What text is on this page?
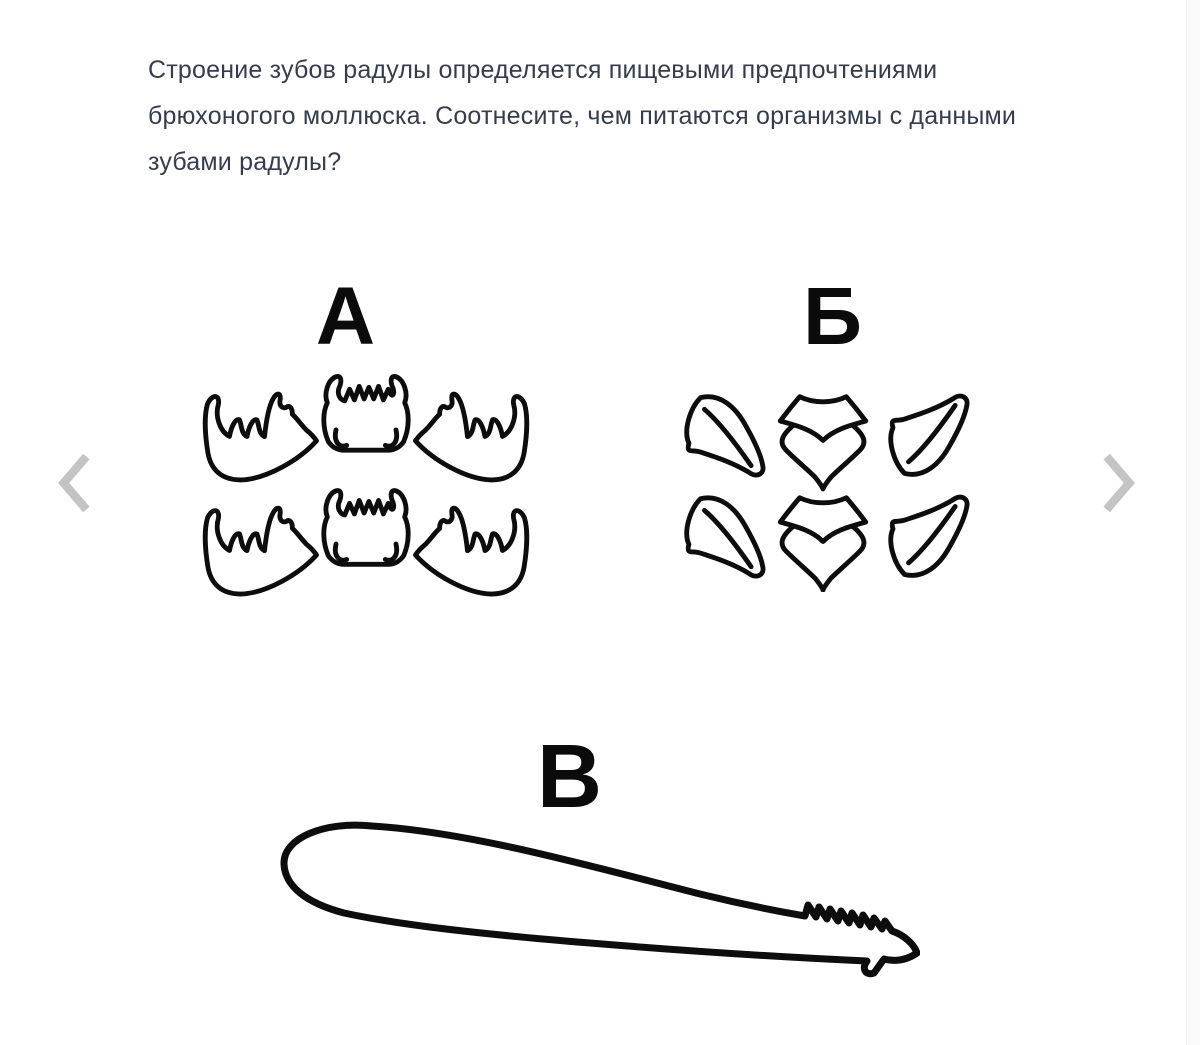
Строение зубов радулы определяется пищевыми предпочтениями
брюхоногого моллюска. Соотнесите, чем питаются организмы с данными
зубами радулы?
А	Б
В
